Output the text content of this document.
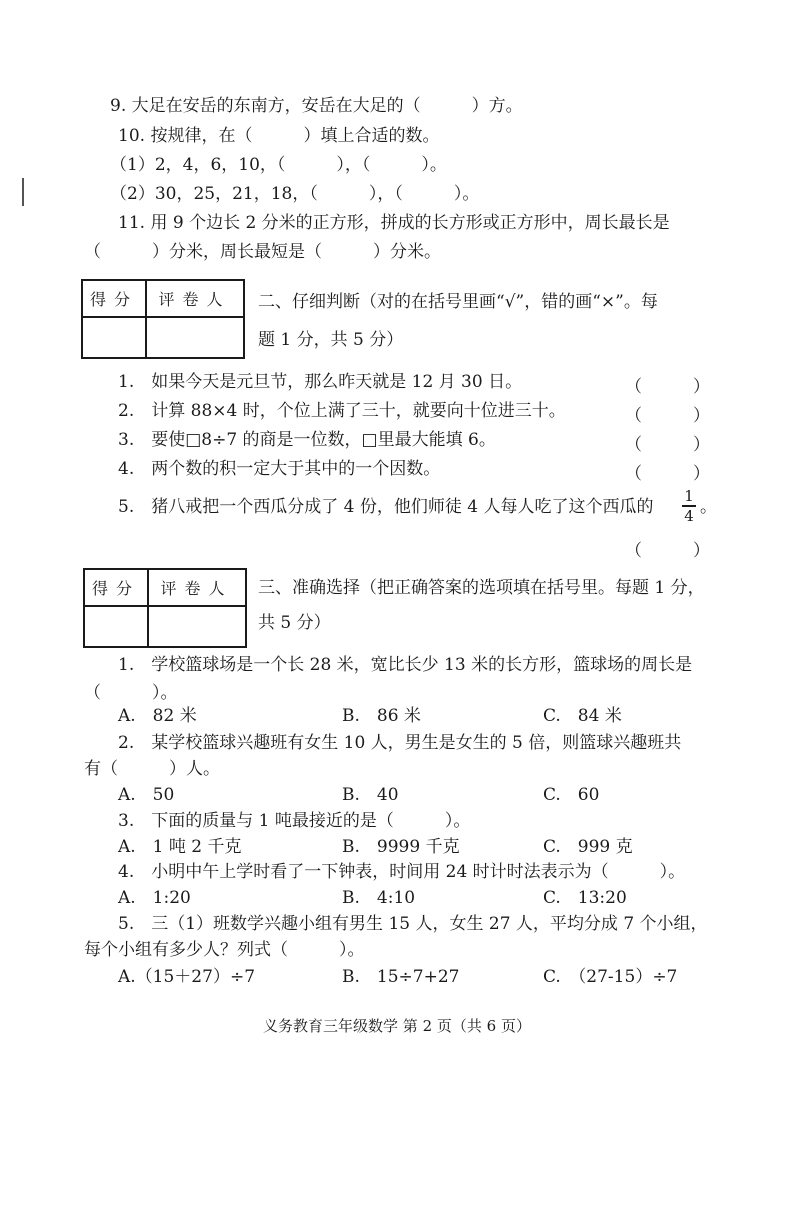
9. 大足在安岳的东南方，安岳在大足的（　　　）方。
10. 按规律，在（　　　）填上合适的数。
（1）2，4，6，10，（　　　），（　　　）。
（2）30，25，21，18，（　　　），（　　　）。
11. 用 9 个边长 2 分米的正方形，拼成的长方形或正方形中，周长最长是
（　　　）分米，周长最短是（　　　）分米。
得分	评卷人	二、仔细判断（对的在括号里画“√”，错的画“×”。每
题 1 分，共 5 分）
1.　如果今天是元旦节，那么昨天就是 12 月 30 日。	（　　　）
2.　计算 88×4 时，个位上满了三十，就要向十位进三十。	（　　　）
3.　要使□8÷7 的商是一位数，□里最大能填 6。	（　　　）
4.　两个数的积一定大于其中的一个因数。	（　　　）
5.　猪八戒把一个西瓜分成了 4 份，他们师徒 4 人每人吃了这个西瓜的
1
4 。
（　　　）
得分	评卷人	三、准确选择（把正确答案的选项填在括号里。每题 1 分，
共 5 分）
1.　学校篮球场是一个长 28 米，宽比长少 13 米的长方形，篮球场的周长是
（　　　）。
A.　82 米	B.　86 米	C.　84 米
2.　某学校篮球兴趣班有女生 10 人，男生是女生的 5 倍，则篮球兴趣班共
有（　　　）人。
A.　50	B.　40	C.　60
3.　下面的质量与 1 吨最接近的是（　　　）。
A.　1 吨 2 千克	B.　9999 千克	C.　999 克
4.　小明中午上学时看了一下钟表，时间用 24 时计时法表示为（　　　）。
A.　1:20	B.　4:10	C.　13:20
5.　三（1）班数学兴趣小组有男生 15 人，女生 27 人，平均分成 7 个小组，
每个小组有多少人？列式（　　　）。
A.（15＋27）÷7	B.　15÷7+27	C.　（27-15）÷7
义务教育三年级数学 第 2 页（共 6 页）
